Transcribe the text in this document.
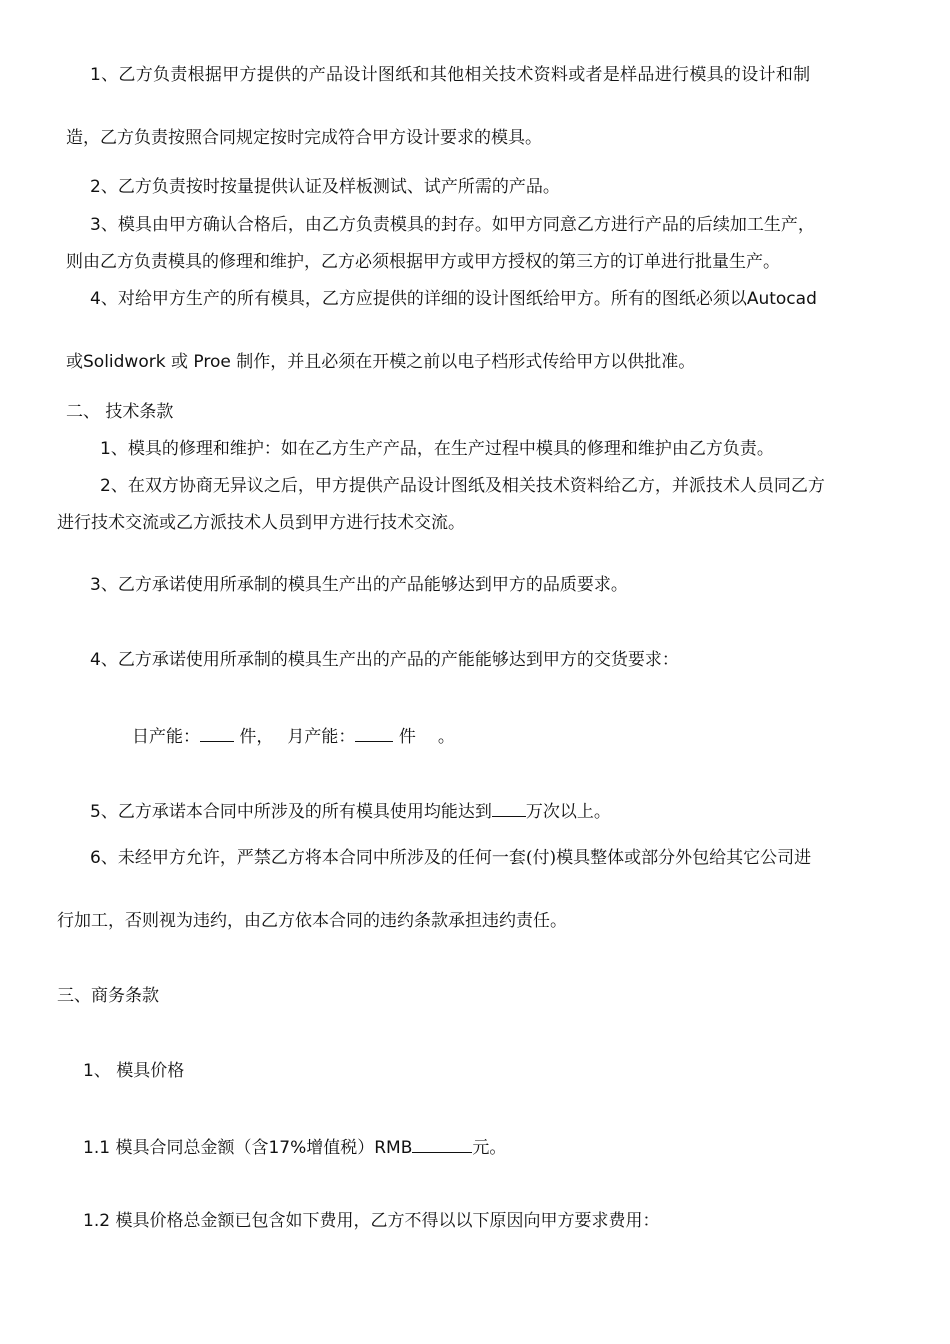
1、乙方负责根据甲方提供的产品设计图纸和其他相关技术资料或者是样品进行模具的设计和制
造，乙方负责按照合同规定按时完成符合甲方设计要求的模具。
2、乙方负责按时按量提供认证及样板测试、试产所需的产品。
3、模具由甲方确认合格后，由乙方负责模具的封存。如甲方同意乙方进行产品的后续加工生产，
则由乙方负责模具的修理和维护，乙方必须根据甲方或甲方授权的第三方的订单进行批量生产。
4、对给甲方生产的所有模具，乙方应提供的详细的设计图纸给甲方。所有的图纸必须以Autocad
或Solidwork 或 Proe 制作，并且必须在开模之前以电子档形式传给甲方以供批准。
二、 技术条款
1、模具的修理和维护：如在乙方生产产品，在生产过程中模具的修理和维护由乙方负责。
2、在双方协商无异议之后，甲方提供产品设计图纸及相关技术资料给乙方，并派技术人员同乙方
进行技术交流或乙方派技术人员到甲方进行技术交流。
3、乙方承诺使用所承制的模具生产出的产品能够达到甲方的品质要求。
4、乙方承诺使用所承制的模具生产出的产品的产能能够达到甲方的交货要求：
日产能： 件， 月产能：	件 。
5、乙方承诺本合同中所涉及的所有模具使用均能达到 万次以上。
6、未经甲方允许，严禁乙方将本合同中所涉及的任何一套(付)模具整体或部分外包给其它公司进
行加工，否则视为违约，由乙方依本合同的违约条款承担违约责任。
三、商务条款
1、 模具价格
1.1 模具合同总金额（含17%增值税）RMB	元。
1.2 模具价格总金额已包含如下费用，乙方不得以以下原因向甲方要求费用：
